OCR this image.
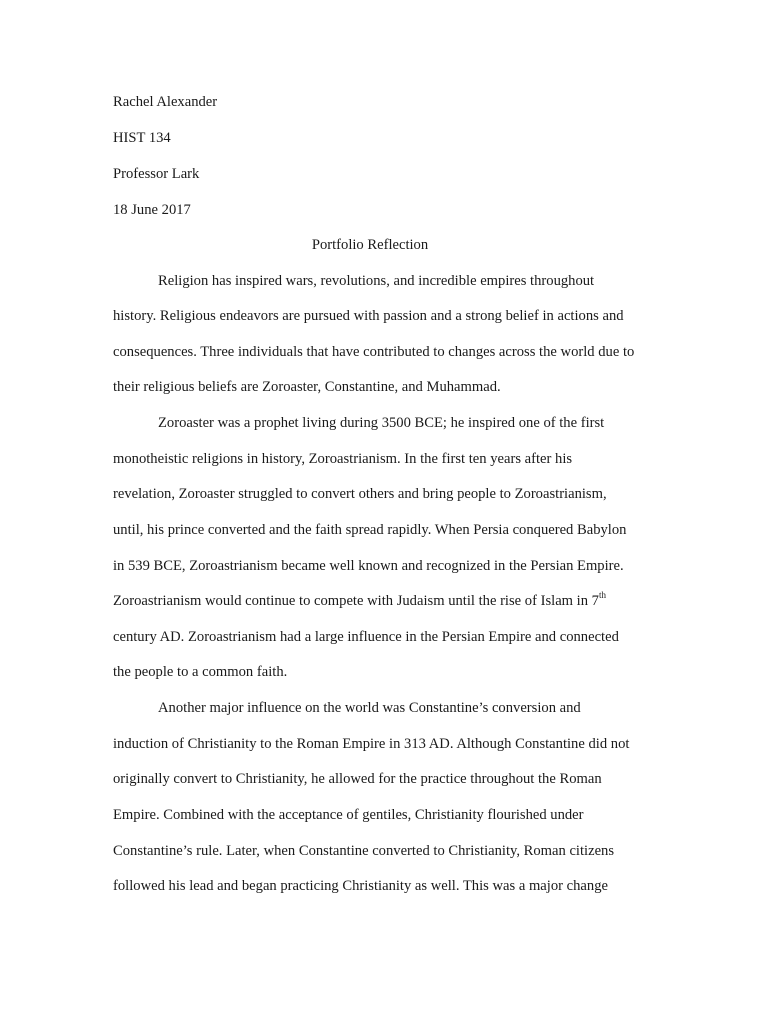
Rachel Alexander
HIST 134
Professor Lark
18 June 2017
Portfolio Reflection
Religion has inspired wars, revolutions, and incredible empires throughout
history. Religious endeavors are pursued with passion and a strong belief in actions and
consequences. Three individuals that have contributed to changes across the world due to
their religious beliefs are Zoroaster, Constantine, and Muhammad.
Zoroaster was a prophet living during 3500 BCE; he inspired one of the first
monotheistic religions in history, Zoroastrianism. In the first ten years after his
revelation, Zoroaster struggled to convert others and bring people to Zoroastrianism,
until, his prince converted and the faith spread rapidly. When Persia conquered Babylon
in 539 BCE, Zoroastrianism became well known and recognized in the Persian Empire.
Zoroastrianism would continue to compete with Judaism until the rise of Islam in 7th
century AD. Zoroastrianism had a large influence in the Persian Empire and connected
the people to a common faith.
Another major influence on the world was Constantine’s conversion and
induction of Christianity to the Roman Empire in 313 AD. Although Constantine did not
originally convert to Christianity, he allowed for the practice throughout the Roman
Empire. Combined with the acceptance of gentiles, Christianity flourished under
Constantine’s rule. Later, when Constantine converted to Christianity, Roman citizens
followed his lead and began practicing Christianity as well. This was a major change
